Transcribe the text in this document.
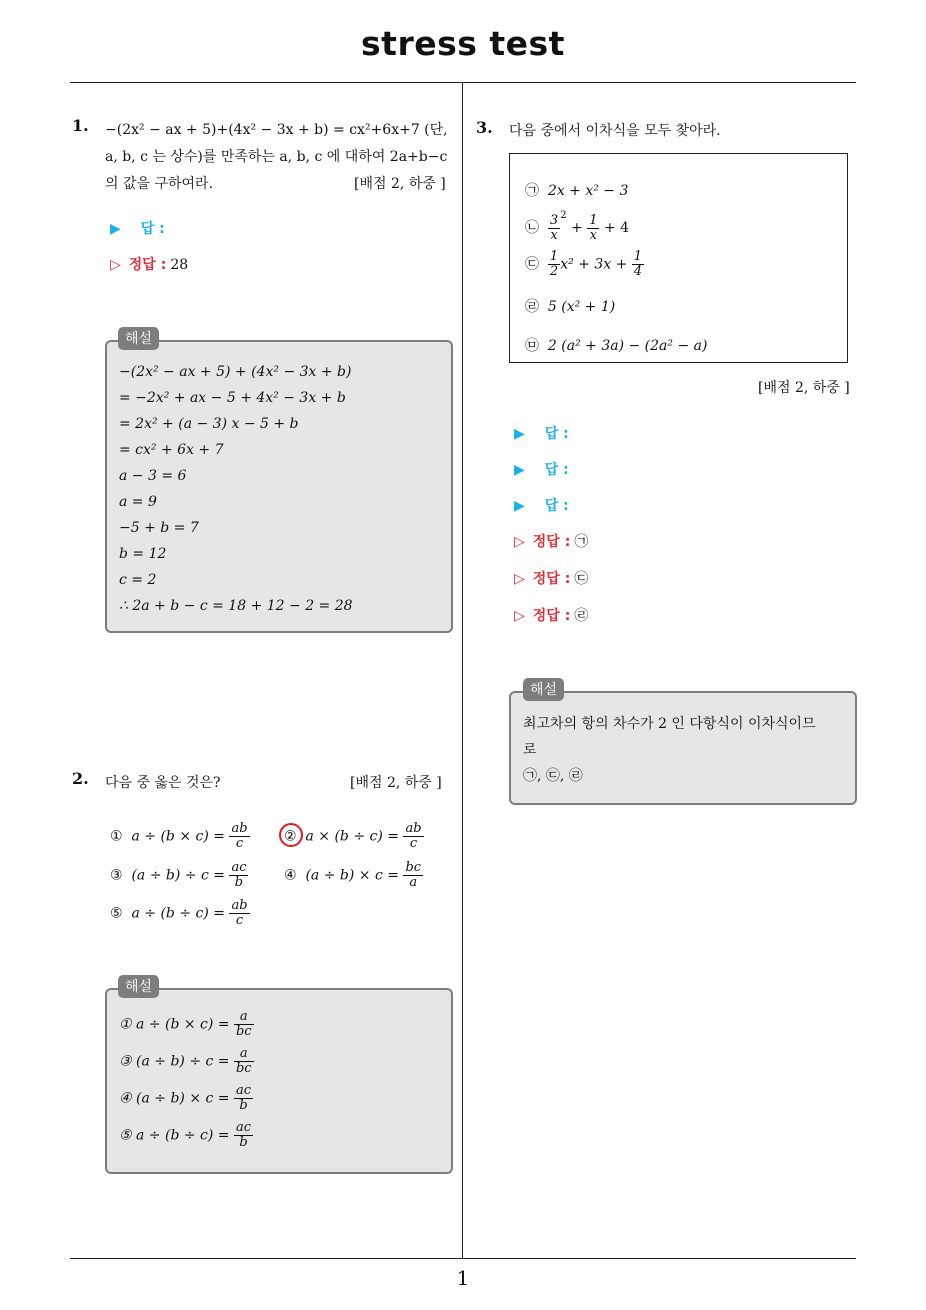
stress test
1
1. −(2x² − ax + 5)+(4x² − 3x + b) = cx²+6x+7 (단,
a, b, c 는 상수)를 만족하는 a, b, c 에 대하여 2a+b−c
의 값을 구하여라.	[배점 2, 하중 ]
▶ 답 :
▷ 정답 : 28
−(2x² − ax + 5) + (4x² − 3x + b)
= −2x² + ax − 5 + 4x² − 3x + b
= 2x² + (a − 3) x − 5 + b
= cx² + 6x + 7
a − 3 = 6
a = 9
−5 + b = 7
b = 12
c = 2
∴ 2a + b − c = 18 + 12 − 2 = 28
해설
2. 다음 중 옳은 것은?	[배점 2, 하중 ]
① $a \div (b \times c) = \frac{ab}{c}$ ② $a \times (b \div c) = \frac{ab}{c}$
③ $(a \div b) \div c = \frac{ac}{b}$	④ $(a \div b) \times c = \frac{bc}{a}$
⑤ $a \div (b \div c) = \frac{ab}{c}$
① $a \div (b \times c) = \frac{a}{bc}$
③ $(a \div b) \div c = \frac{a}{bc}$
④ $(a \div b) \times c = \frac{ac}{b}$
⑤ $a \div (b \div c) = \frac{ac}{b}$
해설
3. 다음 중에서 이차식을 모두 찾아라.
㉠ 2x + x² − 3
㉡ $\frac{3}{x} ^2 + \frac{1}{x} + 4$
㉢ $\frac{1}{2} x^2 + 3x + \frac{1}{4}$
㉣ 5 (x² + 1)
㉤ 2 (a² + 3a) − (2a² − a)
[배점 2, 하중 ]
▶ 답 :
▶ 답 :
▶ 답 :
▷ 정답 : ㉠
▷ 정답 : ㉢
▷ 정답 : ㉣
최고차의 항의 차수가 2 인 다항식이 이차식이므
로
㉠, ㉢, ㉣
해설
